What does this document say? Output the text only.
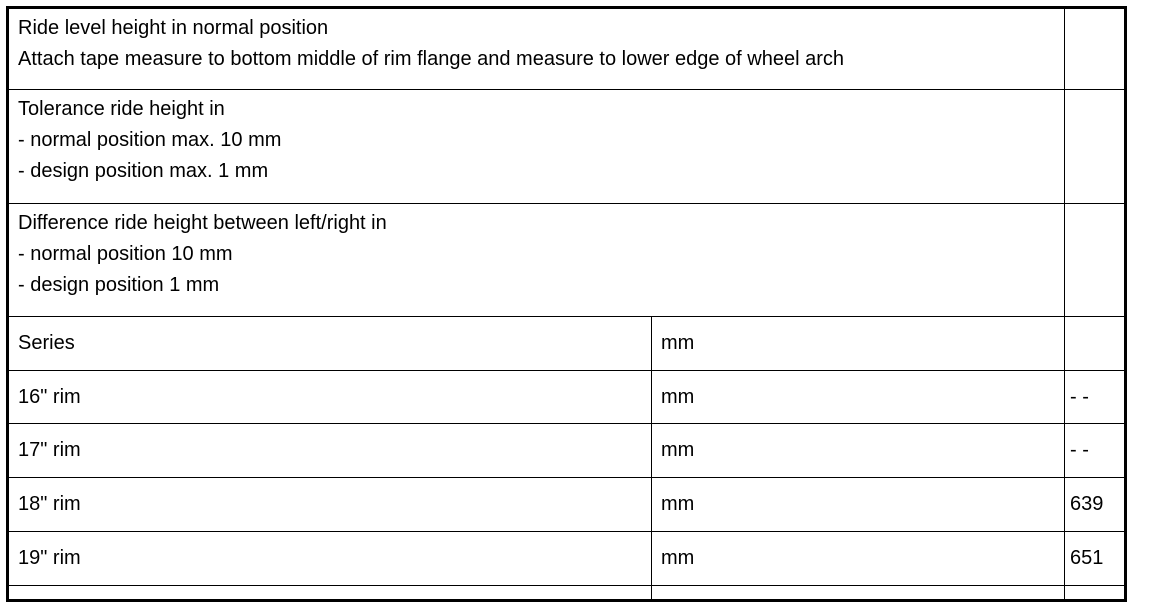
Ride level height in normal position
Attach tape measure to bottom middle of rim flange and measure to lower edge of wheel arch
Tolerance ride height in
- normal position max. 10 mm
- design position max. 1 mm
Difference ride height between left/right in
- normal position 10 mm
- design position 1 mm
Series	mm
16" rim	mm	- -
17" rim	mm	- -
18" rim	mm	639
19" rim	mm	651
